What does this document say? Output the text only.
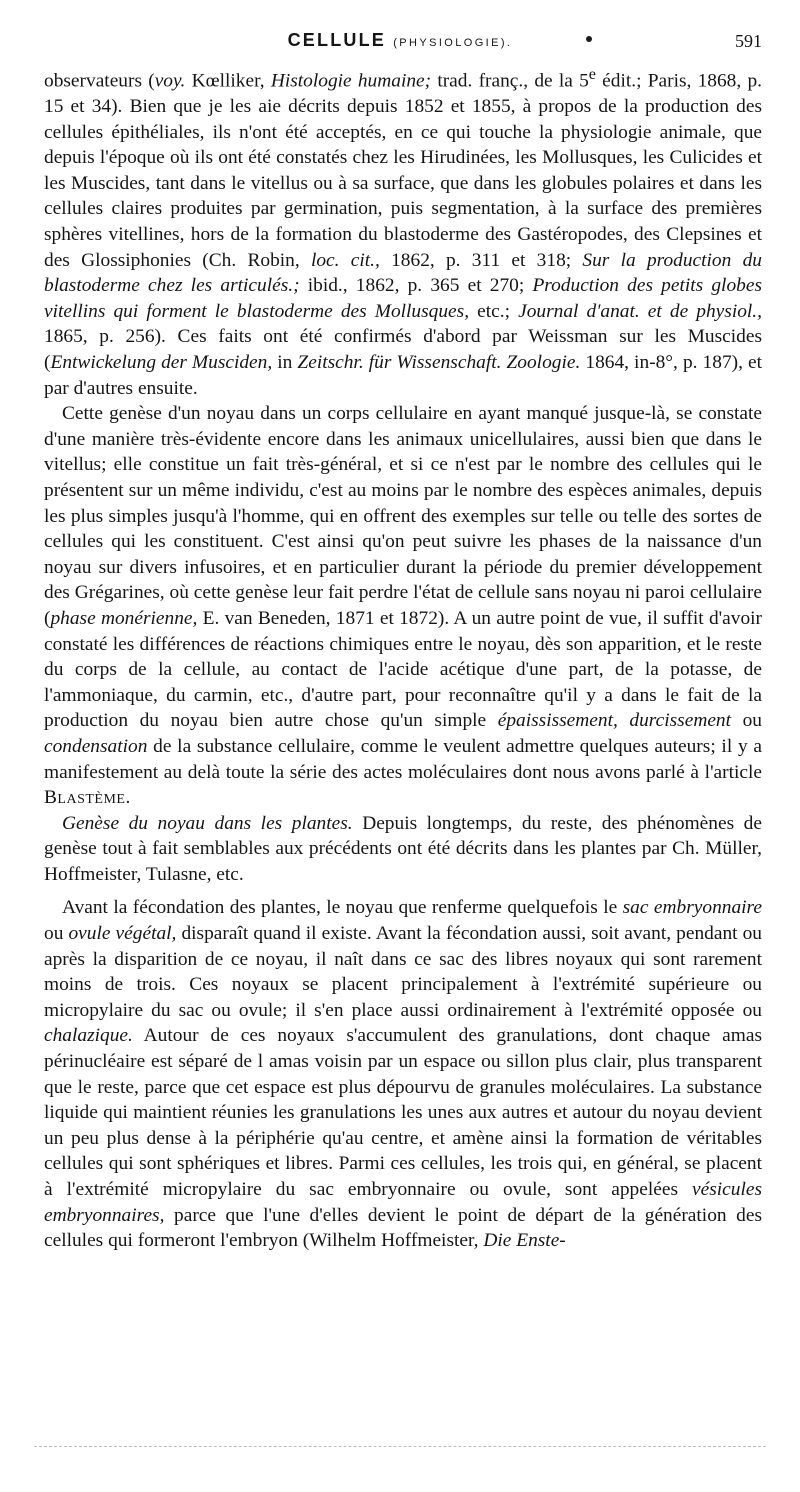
CELLULE (PHYSIOLOGIE).	591

observateurs (voy. Kœlliker, Histologie humaine; trad. franç., de la 5e édit.; Paris, 1868, p. 15 et 34). Bien que je les aie décrits depuis 1852 et 1855, à propos de la production des cellules épithéliales, ils n'ont été acceptés, en ce qui touche la physiologie animale, que depuis l'époque où ils ont été constatés chez les Hirudinées, les Mollusques, les Culicides et les Muscides, tant dans le vitellus ou à sa surface, que dans les globules polaires et dans les cellules claires produites par germination, puis segmentation, à la surface des premières sphères vitellines, hors de la formation du blastoderme des Gastéropodes, des Clepsines et des Glossiphonies (Ch. Robin, loc. cit., 1862, p. 311 et 318; Sur la production du blastoderme chez les articulés.; ibid., 1862, p. 365 et 270; Production des petits globes vitellins qui forment le blastoderme des Mollusques, etc.; Journal d'anat. et de physiol., 1865, p. 256). Ces faits ont été confirmés d'abord par Weissman sur les Muscides (Entwickelung der Musciden, in Zeitschr. für Wissenschaft. Zoologie. 1864, in-8°, p. 187), et par d'autres ensuite.

Cette genèse d'un noyau dans un corps cellulaire en ayant manqué jusque-là, se constate d'une manière très-évidente encore dans les animaux unicellulaires, aussi bien que dans le vitellus; elle constitue un fait très-général, et si ce n'est par le nombre des cellules qui le présentent sur un même individu, c'est au moins par le nombre des espèces animales, depuis les plus simples jusqu'à l'homme, qui en offrent des exemples sur telle ou telle des sortes de cellules qui les constituent. C'est ainsi qu'on peut suivre les phases de la naissance d'un noyau sur divers infusoires, et en particulier durant la période du premier développement des Grégarines, où cette genèse leur fait perdre l'état de cellule sans noyau ni paroi cellulaire (phase monérienne, E. van Beneden, 1871 et 1872). A un autre point de vue, il suffit d'avoir constaté les différences de réactions chimiques entre le noyau, dès son apparition, et le reste du corps de la cellule, au contact de l'acide acétique d'une part, de la potasse, de l'ammoniaque, du carmin, etc., d'autre part, pour reconnaître qu'il y a dans le fait de la production du noyau bien autre chose qu'un simple épaississement, durcissement ou condensation de la substance cellulaire, comme le veulent admettre quelques auteurs; il y a manifestement au delà toute la série des actes moléculaires dont nous avons parlé à l'article Blastème.

Genèse du noyau dans les plantes. Depuis longtemps, du reste, des phénomènes de genèse tout à fait semblables aux précédents ont été décrits dans les plantes par Ch. Müller, Hoffmeister, Tulasne, etc.

Avant la fécondation des plantes, le noyau que renferme quelquefois le sac embryonnaire ou ovule végétal, disparaît quand il existe. Avant la fécondation aussi, soit avant, pendant ou après la disparition de ce noyau, il naît dans ce sac des libres noyaux qui sont rarement moins de trois. Ces noyaux se placent principalement à l'extrémité supérieure ou micropylaire du sac ou ovule; il s'en place aussi ordinairement à l'extrémité opposée ou chalazique. Autour de ces noyaux s'accumulent des granulations, dont chaque amas périnucléaire est séparé de l amas voisin par un espace ou sillon plus clair, plus transparent que le reste, parce que cet espace est plus dépourvu de granules moléculaires. La substance liquide qui maintient réunies les granulations les unes aux autres et autour du noyau devient un peu plus dense à la périphérie qu'au centre, et amène ainsi la formation de véritables cellules qui sont sphériques et libres. Parmi ces cellules, les trois qui, en général, se placent à l'extrémité micropylaire du sac embryonnaire ou ovule, sont appelées vésicules embryonnaires, parce que l'une d'elles devient le point de départ de la génération des cellules qui formeront l'embryon (Wilhelm Hoffmeister, Die Enste-
